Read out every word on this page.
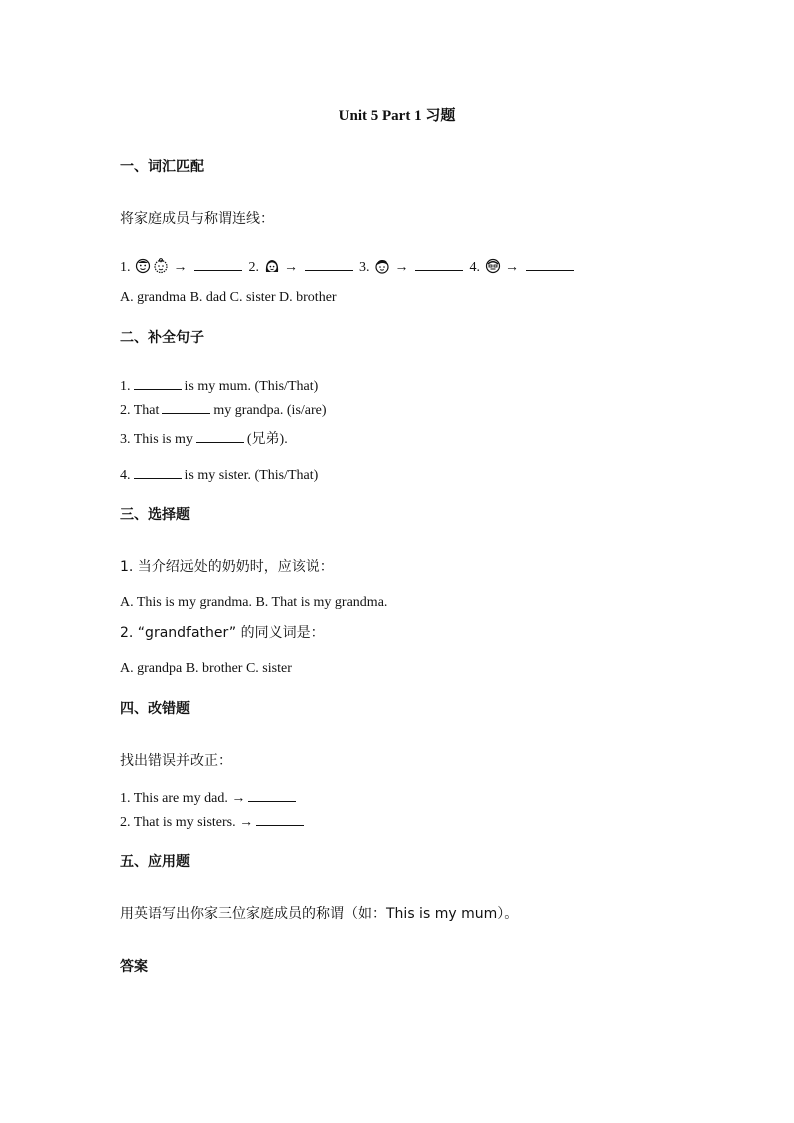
Unit 5 Part 1 习题
一、词汇匹配
将家庭成员与称谓连线：
1.	→	2. →	3. →	4. →
A. grandma B. dad C. sister D. brother
二、补全句子
1.	is my mum. (This/That)
2. That	my grandpa. (is/are)
3. This is my	(兄弟).
4.	is my sister. (This/That)
三、选择题
1. 当介绍远处的奶奶时，应该说：
A. This is my grandma. B. That is my grandma.
2. “grandfather” 的同义词是：
A. grandpa B. brother C. sister
四、改错题
找出错误并改正：
1. This are my dad. →
2. That is my sisters. →
五、应用题
用英语写出你家三位家庭成员的称谓（如：This is my mum）。
答案
